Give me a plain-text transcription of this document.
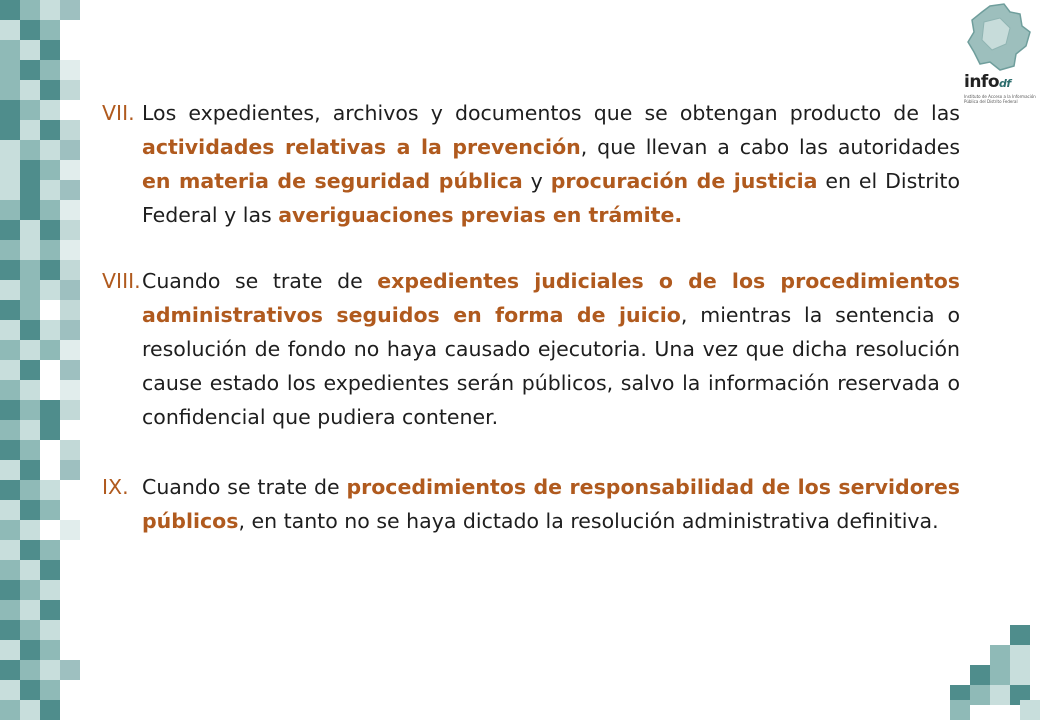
infodf
Instituto de Acceso a la Información Pública del Distrito Federal
VII. Los expedientes, archivos y documentos que se obtengan producto de las actividades relativas a la prevención, que llevan a cabo las autoridades en materia de seguridad pública y procuración de justicia en el Distrito Federal y las averiguaciones previas en trámite.
VIII. Cuando se trate de expedientes judiciales o de los procedimientos administrativos seguidos en forma de juicio, mientras la sentencia o resolución de fondo no haya causado ejecutoria. Una vez que dicha resolución cause estado los expedientes serán públicos, salvo la información reservada o confidencial que pudiera contener.
IX. Cuando se trate de procedimientos de responsabilidad de los servidores públicos, en tanto no se haya dictado la resolución administrativa definitiva.
